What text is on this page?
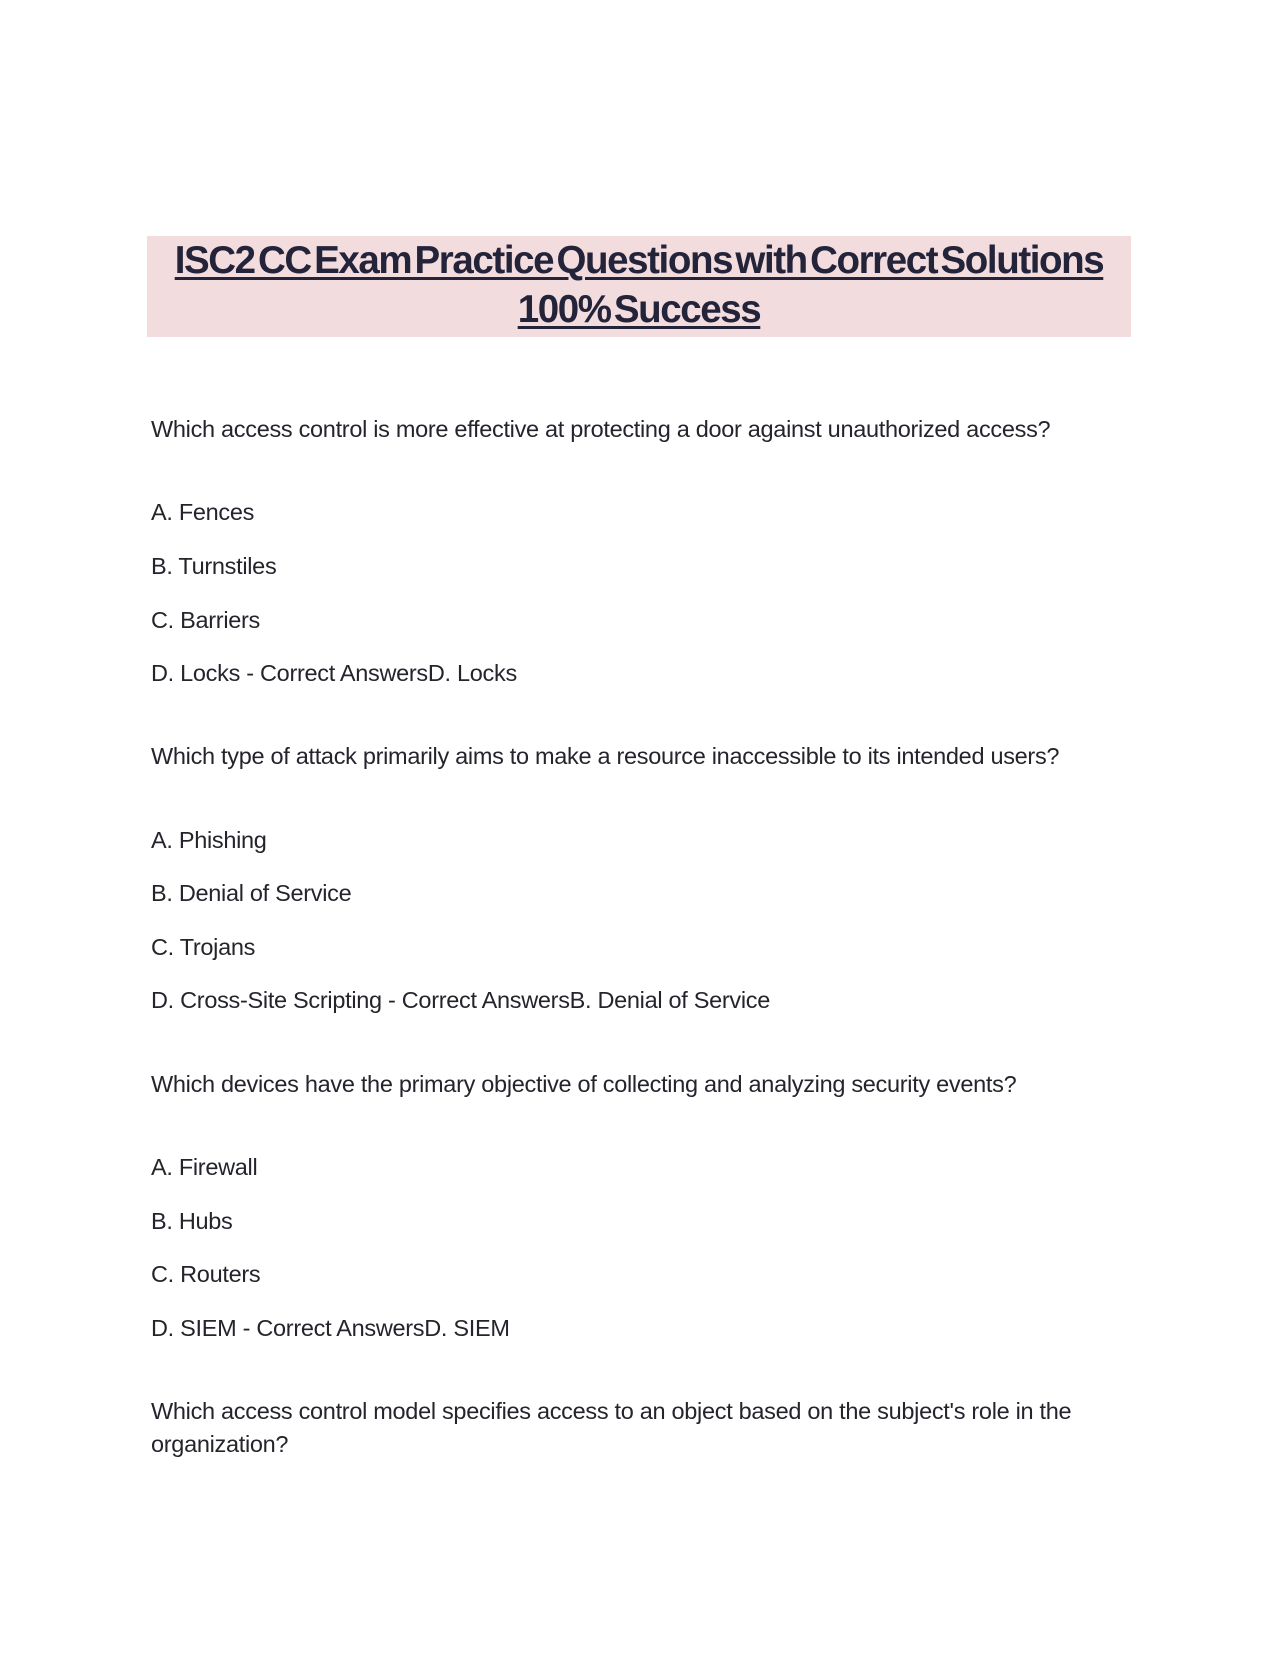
ISC2 CC Exam Practice Questions with Correct Solutions
100% Success

Which access control is more effective at protecting a door against unauthorized access?

A. Fences

B. Turnstiles

C. Barriers

D. Locks - Correct AnswersD. Locks

Which type of attack primarily aims to make a resource inaccessible to its intended users?

A. Phishing

B. Denial of Service

C. Trojans

D. Cross-Site Scripting - Correct AnswersB. Denial of Service

Which devices have the primary objective of collecting and analyzing security events?

A. Firewall

B. Hubs

C. Routers

D. SIEM - Correct AnswersD. SIEM

Which access control model specifies access to an object based on the subject's role in the organization?
